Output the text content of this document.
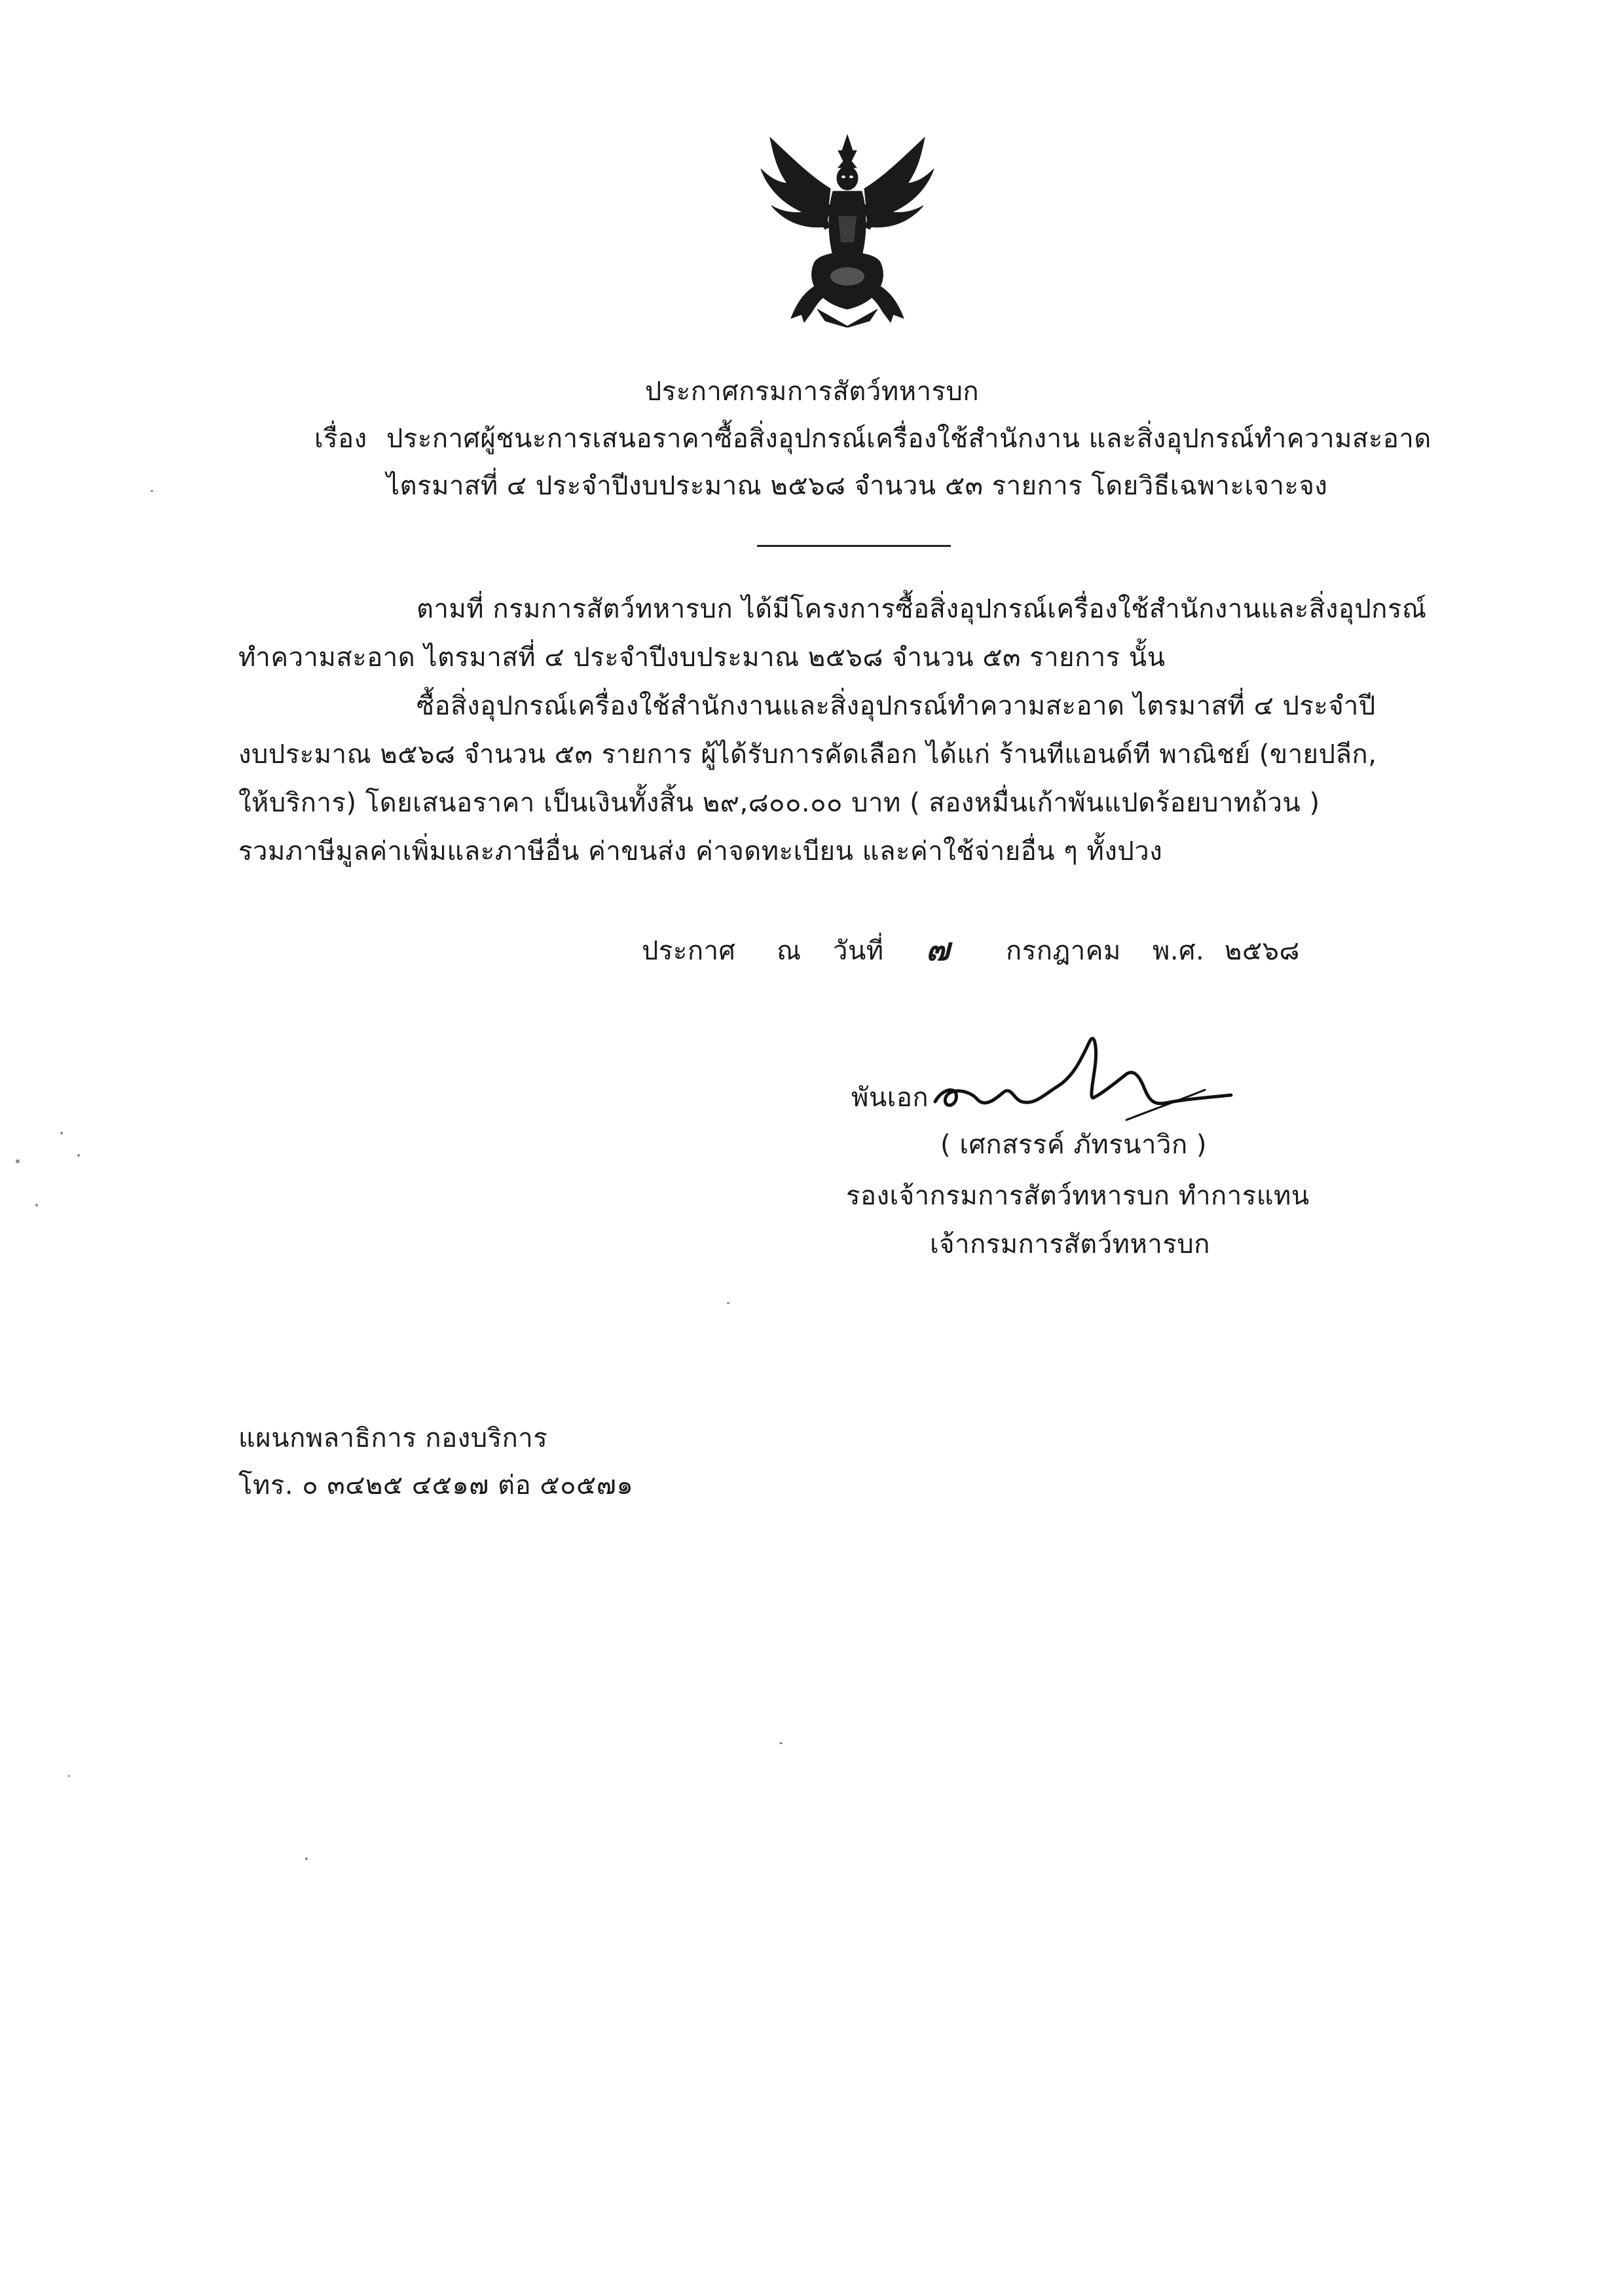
ประกาศกรมการสัตว์ทหารบก
เรื่อง ประกาศผู้ชนะการเสนอราคาซื้อสิ่งอุปกรณ์เครื่องใช้สำนักงาน และสิ่งอุปกรณ์ทำความสะอาด
ไตรมาสที่ ๔ ประจำปีงบประมาณ ๒๕๖๘ จำนวน ๕๓ รายการ โดยวิธีเฉพาะเจาะจง
ตามที่ กรมการสัตว์ทหารบก ได้มีโครงการซื้อสิ่งอุปกรณ์เครื่องใช้สำนักงานและสิ่งอุปกรณ์
ทำความสะอาด ไตรมาสที่ ๔ ประจำปีงบประมาณ ๒๕๖๘ จำนวน ๕๓ รายการ นั้น
ซื้อสิ่งอุปกรณ์เครื่องใช้สำนักงานและสิ่งอุปกรณ์ทำความสะอาด ไตรมาสที่ ๔ ประจำปี
งบประมาณ ๒๕๖๘ จำนวน ๕๓ รายการ ผู้ได้รับการคัดเลือก ได้แก่ ร้านทีแอนด์ที พาณิชย์ (ขายปลีก,
ให้บริการ) โดยเสนอราคา เป็นเงินทั้งสิ้น ๒๙,๘๐๐.๐๐ บาท ( สองหมื่นเก้าพันแปดร้อยบาทถ้วน )
รวมภาษีมูลค่าเพิ่มและภาษีอื่น ค่าขนส่ง ค่าจดทะเบียน และค่าใช้จ่ายอื่น ๆ ทั้งปวง
ประกาศ ณ วันที่ ๗ กรกฎาคม พ.ศ. ๒๕๖๘
พันเอก
( เศกสรรค์ ภัทรนาวิก )
รองเจ้ากรมการสัตว์ทหารบก ทำการแทน
เจ้ากรมการสัตว์ทหารบก
แผนกพลาธิการ กองบริการ
โทร. ๐ ๓๔๒๕ ๔๕๑๗ ต่อ ๕๐๕๗๑
